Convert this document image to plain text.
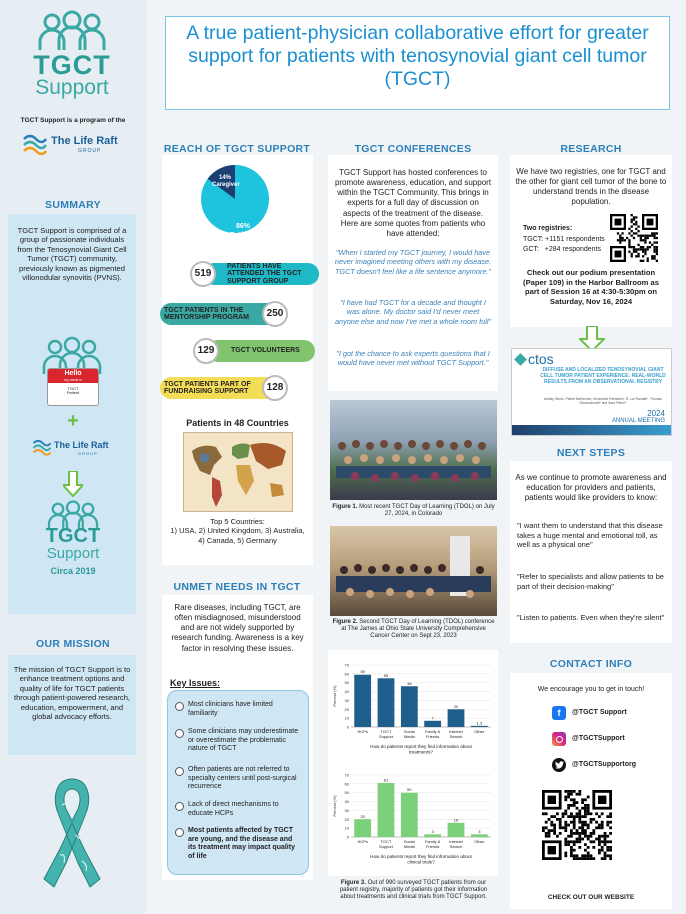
TGCT
Support
TGCT Support is a program of the
The Life Raft
GROUP
SUMMARY
TGCT Support is comprised of a group of passionate individuals from the Tenosynovial Giant Cell Tumor (TGCT) community, previously known as pigmented villonodular synovitis (PVNS).
Hello
my name is
TGCT Patient
+
The Life Raft
GROUP
TGCT
Support
Circa 2019
OUR MISSION
The mission of TGCT Support is to enhance treatment options and quality of life for TGCT patients through patient-powered research, education, empowerment, and global advocacy efforts.
A true patient-physician collaborative effort for greater support for patients with tenosynovial giant cell tumor (TGCT)
REACH OF TGCT SUPPORT
14%
Caregiver
86%
Patients
PATIENTS HAVE ATTENDED THE TGCT SUPPORT GROUP
519
TGCT PATIENTS IN THE MENTORSHIP PROGRAM	250
TGCT VOLUNTEERS
129
TGCT PATIENTS PART OF FUNDRAISING SUPPORT	128
Patients in 48 Countries
Top 5 Countries:
1) USA, 2) United Kingdom, 3) Australia, 4) Canada, 5) Germany
UNMET NEEDS IN TGCT
Rare diseases, including TGCT, are often misdiagnosed, misunderstood and are not widely supported by research funding. Awareness is a key factor in resolving these issues.
Key Issues:
Most clinicians have limited familiarity
Some clinicians may underestimate or overestimate the problematic nature of TGCT
Often patients are not referred to specialty centers until post-surgical recurrence
Lack of direct mechanisms to educate HCPs
Most patients affected by TGCT are young, and the disease and its treatment may impact quality of life
TGCT CONFERENCES
TGCT Support has hosted conferences to promote awareness, education, and support within the TGCT Community. This brings in experts for a full day of discussion on aspects of the treatment of the disease. Here are some quotes from patients who have attended:
"When I started my TGCT journey, I would have never imagined meeting others with my disease. TGCT doesn't feel like a life sentence anymore."
"I have had TGCT for a decade and thought I was alone. My doctor said I'd never meet anyone else and now I've met a whole room full"
"I got the chance to ask experts questions that I would have never met without TGCT Support."
Figure 1. Most recent TGCT Day of Learning (TDOL) on July 27, 2024, in Colorado
Figure 2. Second TGCT Day of Learning (TDOL) conference at The James at Ohio State University Comprehensive Cancer Center on Sept 23, 2023
0
10
20
30
40
50
60
70
Percent (%)
59
HCPs
55
TGCT
Support
46
Social
Media
7
Family &
Friends
20
Internet
Search
1.3
Other
How do patients report they find information about
treatments?
0
10
20
30
40
50
60
70
Percent (%)	20
HCPs
61
TGCT
Support
50
Social
Media
3
Family &
Friends
16
Internet
Search
3
Other
How do patients report they find information about
clinical trials?
Figure 3. Out of 990 surveyed TGCT patients from our patient registry, majority of patients got their information about treatments and clinical trials from TGCT Support.
RESEARCH
We have two registries, one for TGCT and the other for giant cell tumor of the bone to understand trends in the disease population.
Two registries:
TGCT: +1151 respondents
GCT:   +284 respondents
Check out our podium presentation (Paper 109) in the Harbor Ballroom as part of Session 16 at 4:30-5:30pm on Saturday, Nov 16, 2024
ctos
DIFFUSE AND LOCALIZED TENOSYNOVIAL GIANT CELL TUMOR PATIENT EXPERIENCE: REAL-WORLD RESULTS FROM AN OBSERVATIONAL REGISTRY
Ashley Stern¹, Pietrel McKenzie², Emanuele Palmerini³, R. Lor Randall⁴, Thomas Scharschmidt⁵ and Sara Fisher⁶
2024
ANNUAL MEETING
NEXT STEPS
As we continue to promote awareness and education for providers and patients, patients would like providers to know:
"I want them to understand that this disease takes a huge mental and emotional toll, as well as a physical one"
"Refer to specialists and allow patients to be part of their decision-making"
"Listen to patients. Even when they're silent"
CONTACT INFO
We encourage you to get in touch!
f	@TGCT Support
@TGCTSupport
@TGCTSupportorg
CHECK OUT OUR WEBSITE
